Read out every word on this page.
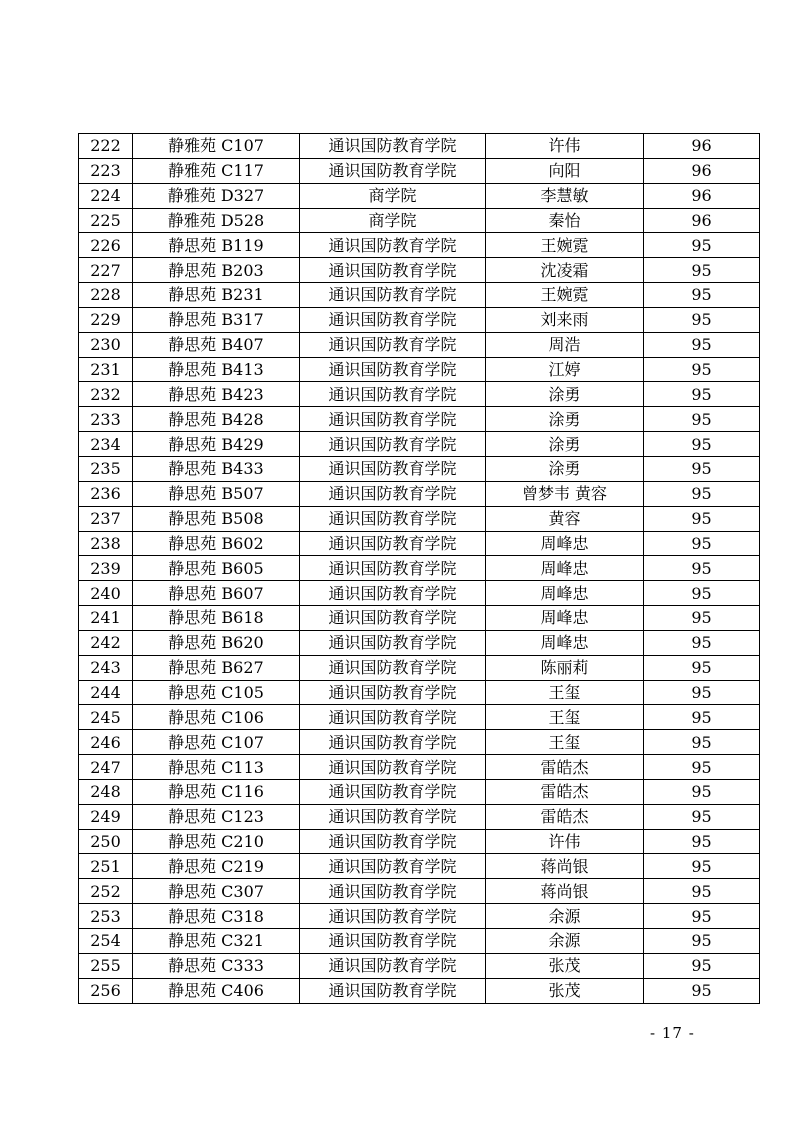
222	静雅苑 C107	通识国防教育学院	许伟	96
223	静雅苑 C117	通识国防教育学院	向阳	96
224	静雅苑 D327	商学院	李慧敏	96
225	静雅苑 D528	商学院	秦怡	96
226	静思苑 B119	通识国防教育学院	王婉霓	95
227	静思苑 B203	通识国防教育学院	沈凌霜	95
228	静思苑 B231	通识国防教育学院	王婉霓	95
229	静思苑 B317	通识国防教育学院	刘来雨	95
230	静思苑 B407	通识国防教育学院	周浩	95
231	静思苑 B413	通识国防教育学院	江婷	95
232	静思苑 B423	通识国防教育学院	涂勇	95
233	静思苑 B428	通识国防教育学院	涂勇	95
234	静思苑 B429	通识国防教育学院	涂勇	95
235	静思苑 B433	通识国防教育学院	涂勇	95
236	静思苑 B507	通识国防教育学院	曾梦韦 黄容	95
237	静思苑 B508	通识国防教育学院	黄容	95
238	静思苑 B602	通识国防教育学院	周峰忠	95
239	静思苑 B605	通识国防教育学院	周峰忠	95
240	静思苑 B607	通识国防教育学院	周峰忠	95
241	静思苑 B618	通识国防教育学院	周峰忠	95
242	静思苑 B620	通识国防教育学院	周峰忠	95
243	静思苑 B627	通识国防教育学院	陈丽莉	95
244	静思苑 C105	通识国防教育学院	王玺	95
245	静思苑 C106	通识国防教育学院	王玺	95
246	静思苑 C107	通识国防教育学院	王玺	95
247	静思苑 C113	通识国防教育学院	雷皓杰	95
248	静思苑 C116	通识国防教育学院	雷皓杰	95
249	静思苑 C123	通识国防教育学院	雷皓杰	95
250	静思苑 C210	通识国防教育学院	许伟	95
251	静思苑 C219	通识国防教育学院	蒋尚银	95
252	静思苑 C307	通识国防教育学院	蒋尚银	95
253	静思苑 C318	通识国防教育学院	余源	95
254	静思苑 C321	通识国防教育学院	余源	95
255	静思苑 C333	通识国防教育学院	张茂	95
256	静思苑 C406	通识国防教育学院	张茂	95
- 17 -
